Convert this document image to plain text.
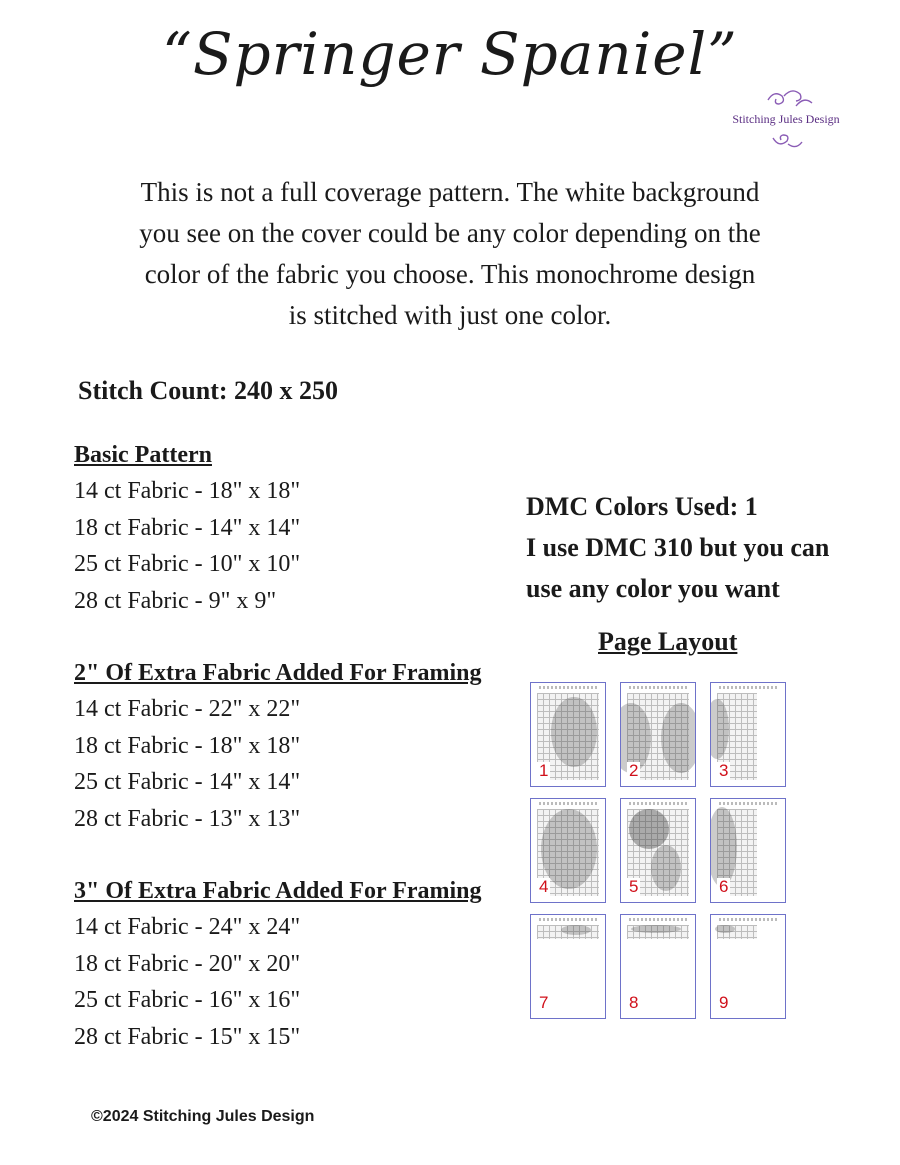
“Springer Spaniel”
Stitching Jules Design
This is not a full coverage pattern. The white background
you see on the cover could be any color depending on the
color of the fabric you choose. This monochrome design
is stitched with just one color.
Stitch Count: 240 x 250
Basic Pattern
14 ct Fabric - 18" x 18"
18 ct Fabric - 14" x 14"
25 ct Fabric - 10" x 10"
28 ct Fabric - 9" x 9"
2" Of Extra Fabric Added For Framing
14 ct Fabric - 22" x 22"
18 ct Fabric - 18" x 18"
25 ct Fabric - 14" x 14"
28 ct Fabric - 13" x 13"
3" Of Extra Fabric Added For Framing
14 ct Fabric - 24" x 24"
18 ct Fabric - 20" x 20"
25 ct Fabric - 16" x 16"
28 ct Fabric - 15" x 15"
DMC Colors Used: 1
I use DMC 310 but you can
use any color you want
Page Layout
1	2	3
4	5	6
7	8	9
©2024 Stitching Jules Design
